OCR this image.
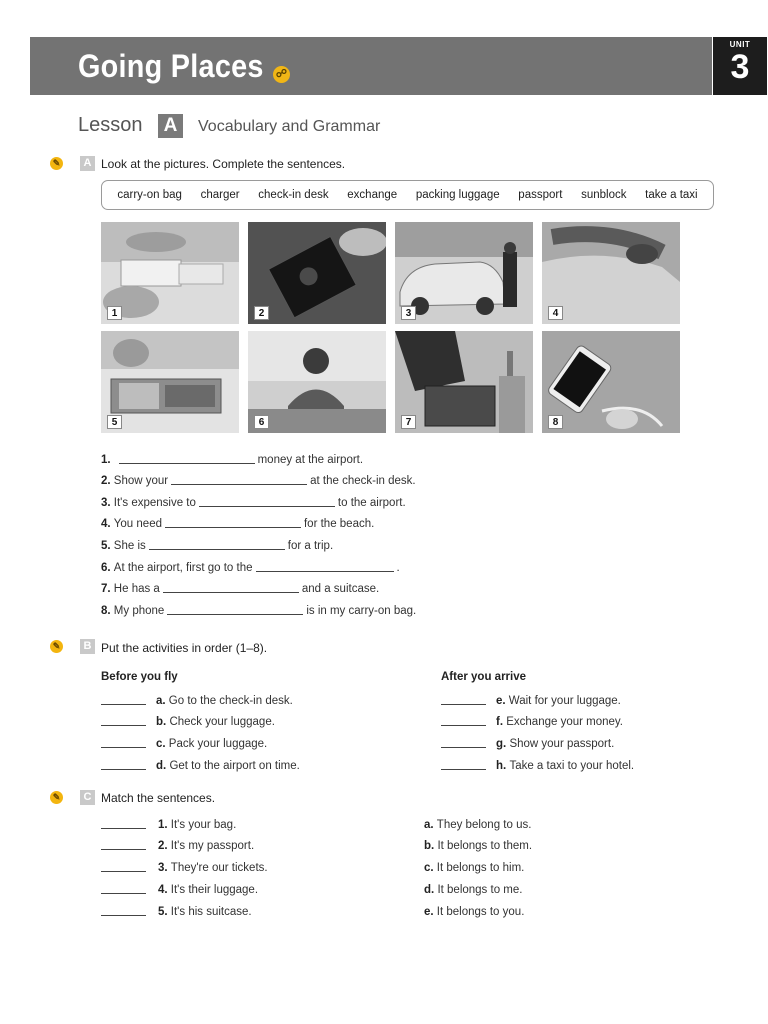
Going Places ☍
UNIT
3
Lesson A	Vocabulary and Grammar
✎	A Look at the pictures. Complete the sentences.
carry-on bag charger check-in desk exchange packing luggage passport sunblock take a taxi
1	2	3	4
5	6	7	8
1.	money at the airport.
2.
Show your	at the check-in desk.
3.
It's expensive to	to the airport.
4.
You need	for the beach.
5.
She is	for a trip.
6.
At the airport, first go to the	.
7.
He has a	and a suitcase.
8.
My phone	is in my carry-on bag.
✎	B Put the activities in order (1–8).
Before you fly	After you arrive
a.
Go to the check-in desk.
b.
Check your luggage.
c.
Pack your luggage.
d.
Get to the airport on time.
e.
Wait for your luggage.
f.
Exchange your money.
g.
Show your passport.
h.
Take a taxi to your hotel.
✎	C Match the sentences.
1.
It's your bag.
2.
It's my passport.
3.
They're our tickets.
4.
It's their luggage.
5.
It's his suitcase.
a.
They belong to us.
b.
It belongs to them.
c.
It belongs to him.
d.
It belongs to me.
e.
It belongs to you.
